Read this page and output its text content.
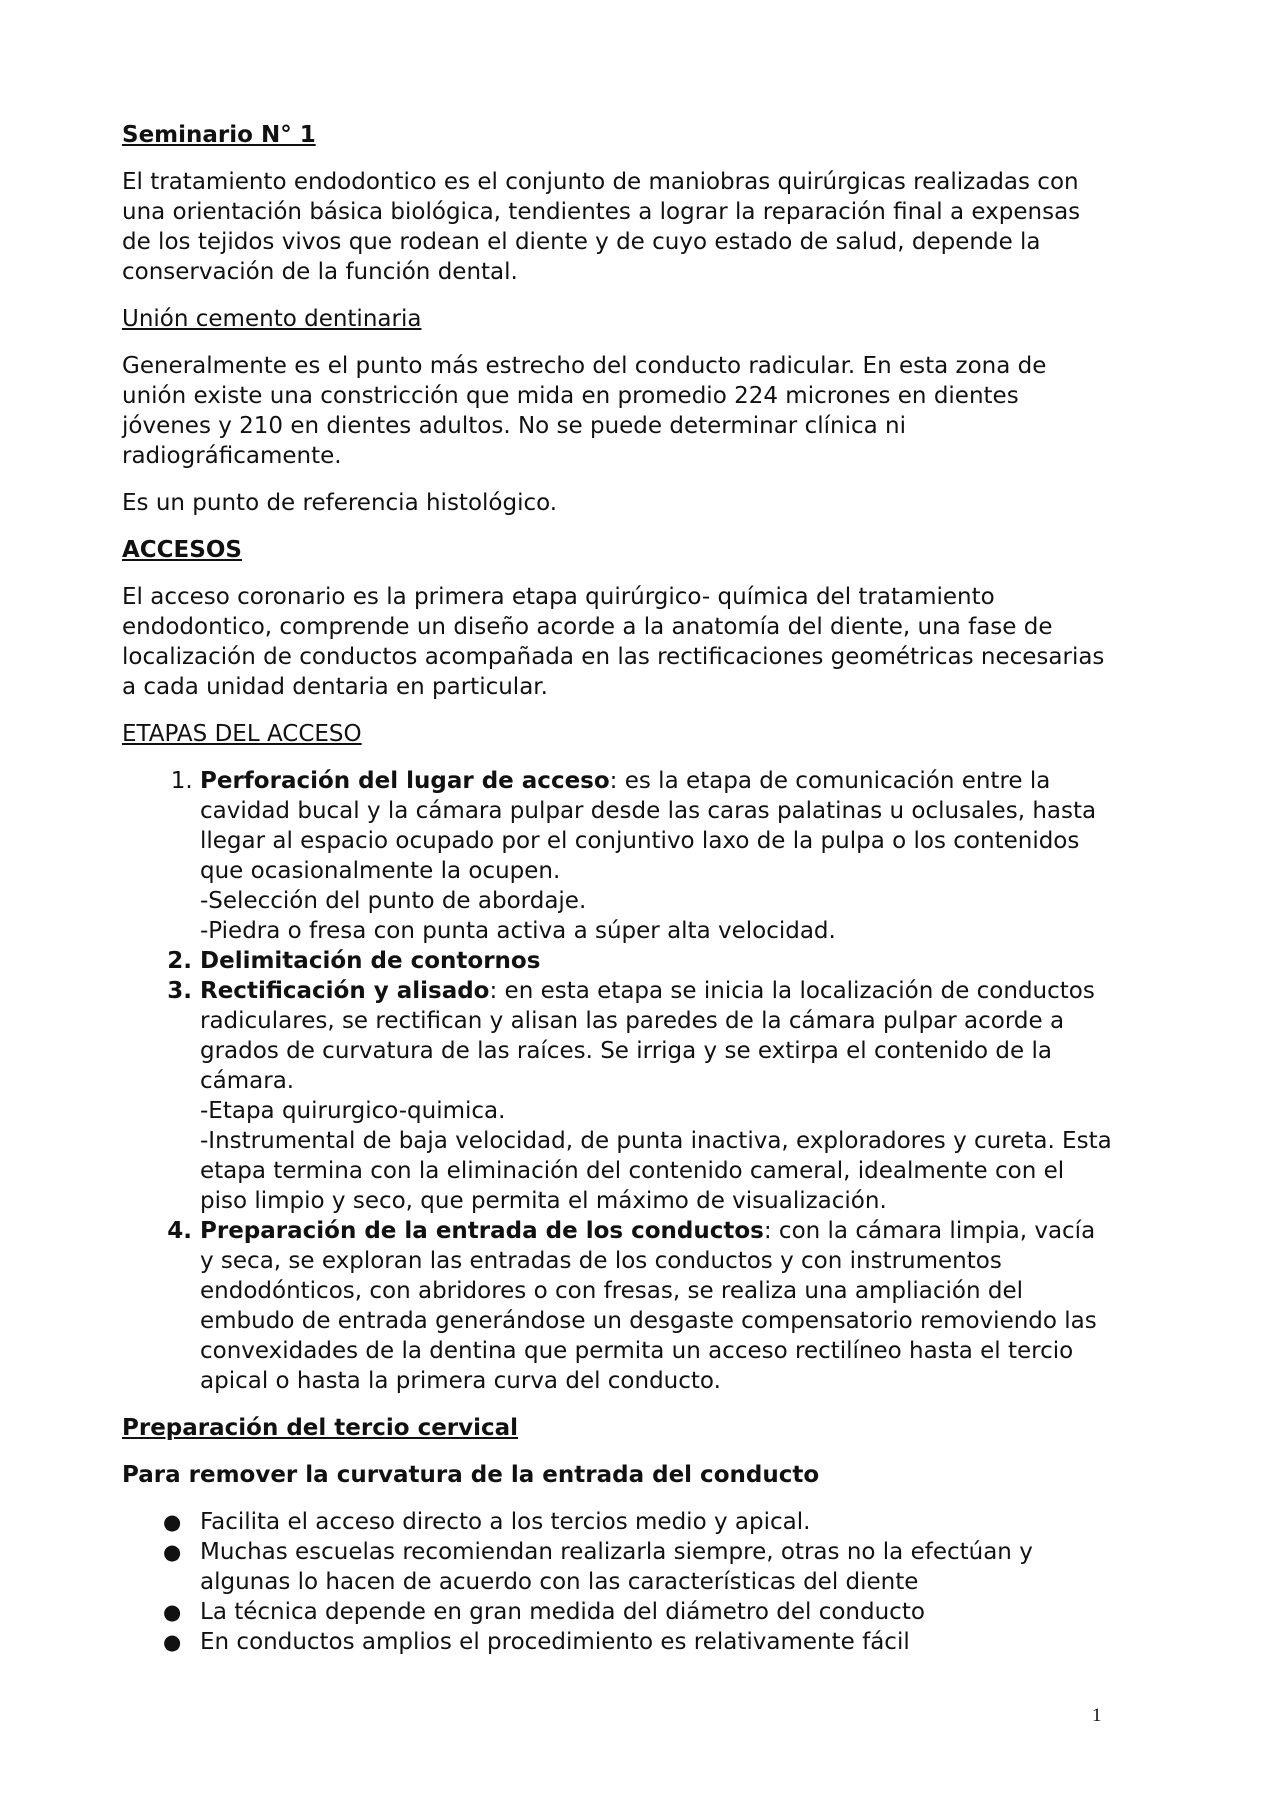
Seminario N° 1

El tratamiento endodontico es el conjunto de maniobras quirúrgicas realizadas con una orientación básica biológica, tendientes a lograr la reparación final a expensas de los tejidos vivos que rodean el diente y de cuyo estado de salud, depende la conservación de la función dental.

Unión cemento dentinaria

Generalmente es el punto más estrecho del conducto radicular. En esta zona de unión existe una constricción que mida en promedio 224 micrones en dientes jóvenes y 210 en dientes adultos. No se puede determinar clínica ni radiográficamente.

Es un punto de referencia histológico.

ACCESOS

El acceso coronario es la primera etapa quirúrgico- química del tratamiento endodontico, comprende un diseño acorde a la anatomía del diente, una fase de localización de conductos acompañada en las rectificaciones geométricas necesarias a cada unidad dentaria en particular.

ETAPAS DEL ACCESO

1. Perforación del lugar de acceso: es la etapa de comunicación entre la cavidad bucal y la cámara pulpar desde las caras palatinas u oclusales, hasta llegar al espacio ocupado por el conjuntivo laxo de la pulpa o los contenidos que ocasionalmente la ocupen.
-Selección del punto de abordaje.
-Piedra o fresa con punta activa a súper alta velocidad.
2. Delimitación de contornos
3. Rectificación y alisado: en esta etapa se inicia la localización de conductos radiculares, se rectifican y alisan las paredes de la cámara pulpar acorde a grados de curvatura de las raíces. Se irriga y se extirpa el contenido de la cámara.
-Etapa quirurgico-quimica.
-Instrumental de baja velocidad, de punta inactiva, exploradores y cureta. Esta etapa termina con la eliminación del contenido cameral, idealmente con el piso limpio y seco, que permita el máximo de visualización.
4. Preparación de la entrada de los conductos: con la cámara limpia, vacía y seca, se exploran las entradas de los conductos y con instrumentos endodónticos, con abridores o con fresas, se realiza una ampliación del embudo de entrada generándose un desgaste compensatorio removiendo las convexidades de la dentina que permita un acceso rectilíneo hasta el tercio apical o hasta la primera curva del conducto.

Preparación del tercio cervical

Para remover la curvatura de la entrada del conducto

● Facilita el acceso directo a los tercios medio y apical.
● Muchas escuelas recomiendan realizarla siempre, otras no la efectúan y algunas lo hacen de acuerdo con las características del diente
● La técnica depende en gran medida del diámetro del conducto
● En conductos amplios el procedimiento es relativamente fácil
1
